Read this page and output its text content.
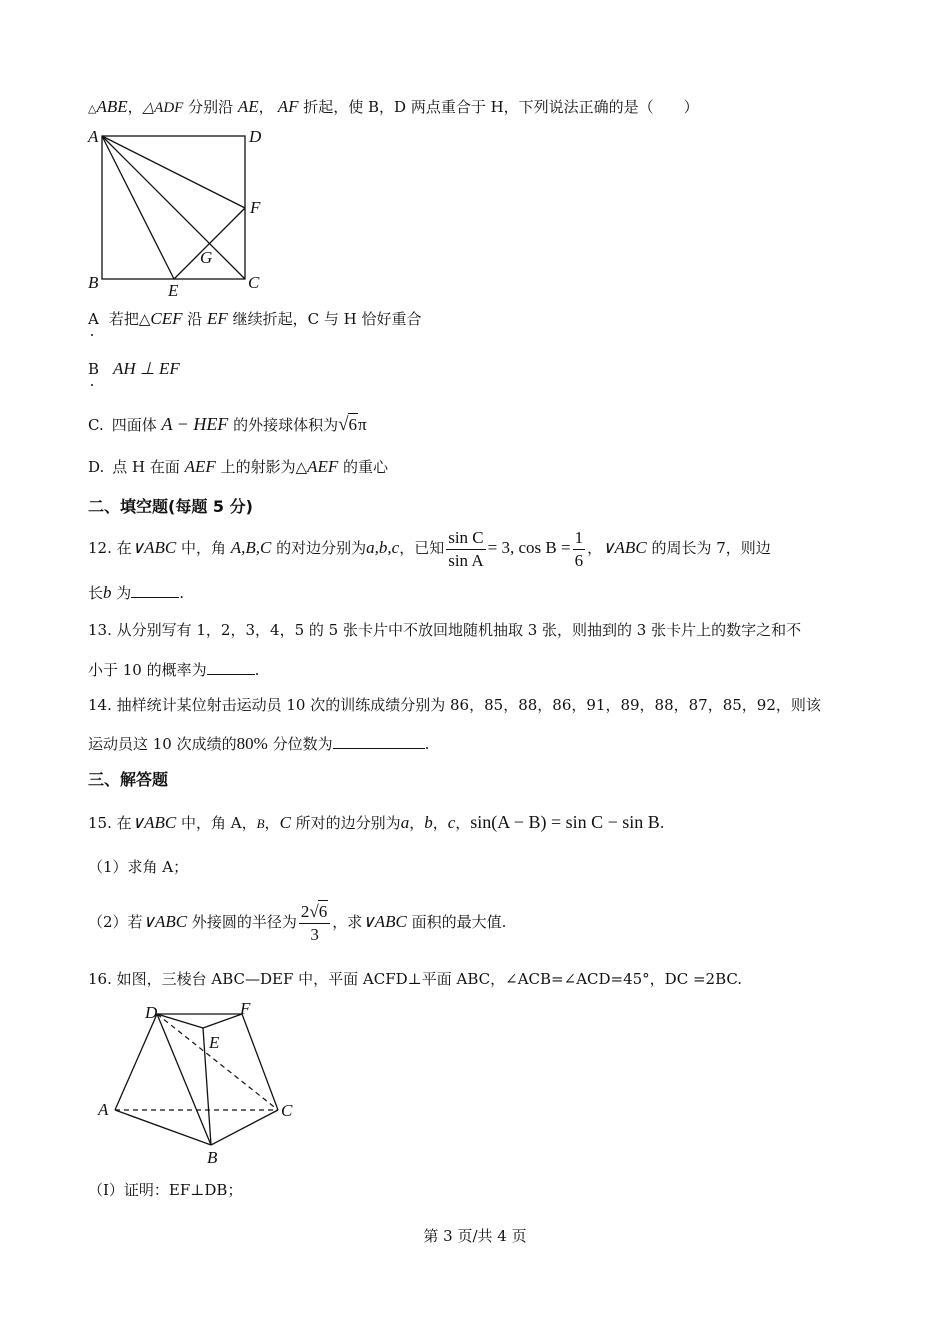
△ABE，△ADF 分别沿 AE， AF 折起，使 B，D 两点重合于 H，下列说法正确的是（　　）
A	D
F
G
B	E	C
A 若把△CEF 沿 EF 继续折起，C 与 H 恰好重合
B AH ⊥ EF
C. 四面体 A − HEF 的外接球体积为√6π
D. 点 H 在面 AEF 上的射影为△AEF 的重心
二、填空题(每题 5 分)
12. 在∨ABC 中，角 A,B,C 的对边分别为a,b,c，已知 $\frac{\text{sin C}}{\text{sin A}} = 3$, $\cos B = \frac{1}{6}$ ，∨ABC 的周长为 7，则边
长b 为	.
13. 从分别写有 1，2，3，4，5 的 5 张卡片中不放回地随机抽取 3 张，则抽到的 3 张卡片上的数字之和不
小于 10 的概率为	.
14. 抽样统计某位射击运动员 10 次的训练成绩分别为 86，85，88，86，91，89，88，87，85，92，则该
运动员这 10 次成绩的80% 分位数为	.
三、解答题
15. 在∨ABC 中，角 A，B，C 所对的边分别为a，b，c，sin(A − B) = sin C − sin B.
（1）求角 A；
（2）若∨ABC 外接圆的半径为 $\frac{2√6}{3}$ ，求∨ABC 面积的最大值.
16. 如图，三棱台 ABC—DEF 中，平面 ACFD⊥平面 ABC，∠ACB=∠ACD=45°，DC =2BC.
D	F
E
A	C
B
（Ⅰ）证明：EF⊥DB；
第 3 页/共 4 页
